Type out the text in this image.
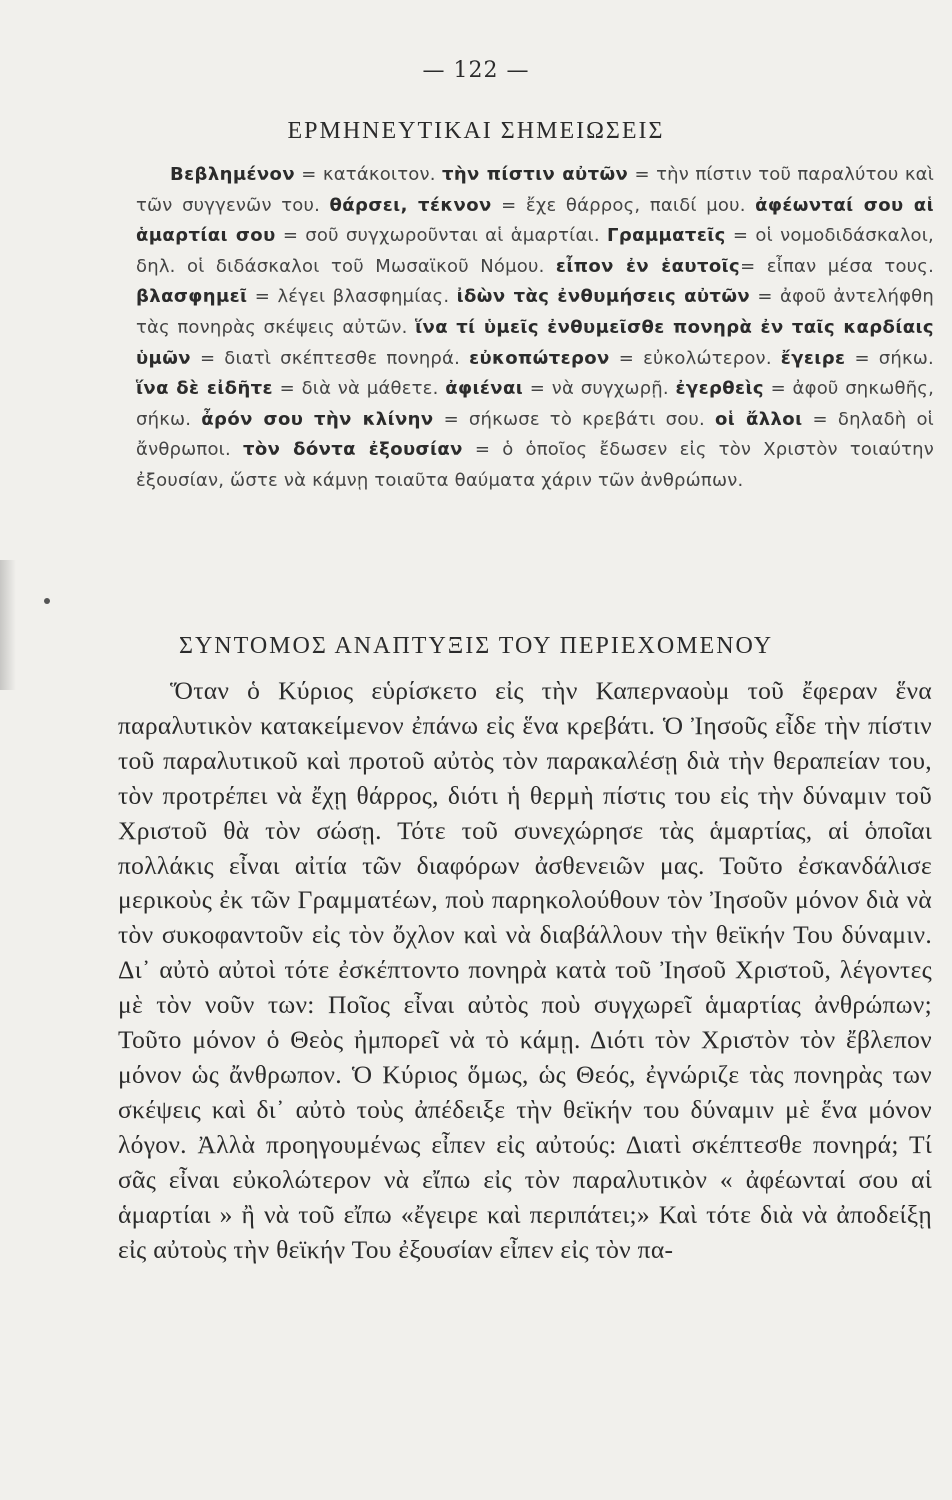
— 122 —
ΕΡΜΗΝΕΥΤΙΚΑΙ ΣΗΜΕΙΩΣΕΙΣ

Βεβλημένον = κατάκοιτον. τὴν πίστιν αὐτῶν = τὴν πίστιν τοῦ παραλύτου καὶ τῶν συγγενῶν του. θάρσει, τέκνον = ἔχε θάρρος, παιδί μου. ἀφέωνταί σου αἱ ἁμαρτίαι σου = σοῦ συγχωροῦνται αἱ ἁμαρτίαι. Γραμματεῖς = οἱ νομοδιδάσκαλοι, δηλ. οἱ διδάσκαλοι τοῦ Μωσαϊκοῦ Νόμου. εἶπον ἐν ἑαυτοῖς= εἶπαν μέσα τους. βλασφημεῖ = λέγει βλασφημίας. ἰδὼν τὰς ἐνθυμήσεις αὐτῶν = ἀφοῦ ἀντελήφθη τὰς πονηρὰς σκέψεις αὐτῶν. ἵνα τί ὑμεῖς ἐνθυμεῖσθε πονηρὰ ἐν ταῖς καρδίαις ὑμῶν = διατὶ σκέπτεσθε πονηρά. εὐκοπώτερον = εὐκολώτερον. ἔγειρε = σήκω. ἵνα δὲ εἰδῆτε = διὰ νὰ μάθετε. ἀφιέναι = νὰ συγχωρῇ. ἐγερθεὶς = ἀφοῦ σηκωθῆς, σήκω. ἆρόν σου τὴν κλίνην = σήκωσε τὸ κρεβάτι σου. οἱ ἄλλοι = δηλαδὴ οἱ ἄνθρωποι. τὸν δόντα ἐξουσίαν = ὁ ὁποῖος ἔδωσεν εἰς τὸν Χριστὸν τοιαύτην ἐξουσίαν, ὥστε νὰ κάμνῃ τοιαῦτα θαύματα χάριν τῶν ἀνθρώπων.

ΣΥΝΤΟΜΟΣ ΑΝΑΠΤΥΞΙΣ ΤΟΥ ΠΕΡΙΕΧΟΜΕΝΟΥ

Ὅταν ὁ Κύριος εὑρίσκετο εἰς τὴν Καπερναοὺμ τοῦ ἔφεραν ἕνα παραλυτικὸν κατακείμενον ἐπάνω εἰς ἕνα κρεβάτι. Ὁ Ἰησοῦς εἶδε τὴν πίστιν τοῦ παραλυτικοῦ καὶ προτοῦ αὐτὸς τὸν παρακαλέσῃ διὰ τὴν θεραπείαν του, τὸν προτρέπει νὰ ἔχῃ θάρρος, διότι ἡ θερμὴ πίστις του εἰς τὴν δύναμιν τοῦ Χριστοῦ θὰ τὸν σώσῃ. Τότε τοῦ συνεχώρησε τὰς ἁμαρτίας, αἱ ὁποῖαι πολλάκις εἶναι αἰτία τῶν διαφόρων ἀσθενειῶν μας. Τοῦτο ἐσκανδάλισε μερικοὺς ἐκ τῶν Γραμματέων, ποὺ παρηκολούθουν τὸν Ἰησοῦν μόνον διὰ νὰ τὸν συκοφαντοῦν εἰς τὸν ὄχλον καὶ νὰ διαβάλλουν τὴν θεϊκήν Του δύναμιν. Δι᾿ αὐτὸ αὐτοὶ τότε ἐσκέπτοντο πονηρὰ κατὰ τοῦ Ἰησοῦ Χριστοῦ, λέγοντες μὲ τὸν νοῦν των: Ποῖος εἶναι αὐτὸς ποὺ συγχωρεῖ ἁμαρτίας ἀνθρώπων; Τοῦτο μόνον ὁ Θεὸς ἠμπορεῖ νὰ τὸ κάμῃ. Διότι τὸν Χριστὸν τὸν ἔβλεπον μόνον ὡς ἄνθρωπον. Ὁ Κύριος ὅμως, ὡς Θεός, ἐγνώριζε τὰς πονηρὰς των σκέψεις καὶ δι᾿ αὐτὸ τοὺς ἀπέδειξε τὴν θεϊκήν του δύναμιν μὲ ἕνα μόνον λόγον. Ἀλλὰ προηγουμένως εἶπεν εἰς αὐτούς: Διατὶ σκέπτεσθε πονηρά; Τί σᾶς εἶναι εὐκολώτερον νὰ εἴπω εἰς τὸν παραλυτικὸν « ἀφέωνταί σου αἱ ἁμαρτίαι » ἢ νὰ τοῦ εἴπω «ἔγειρε καὶ περιπάτει;» Καὶ τότε διὰ νὰ ἀποδείξῃ εἰς αὐτοὺς τὴν θεϊκήν Του ἐξουσίαν εἶπεν εἰς τὸν πα-
